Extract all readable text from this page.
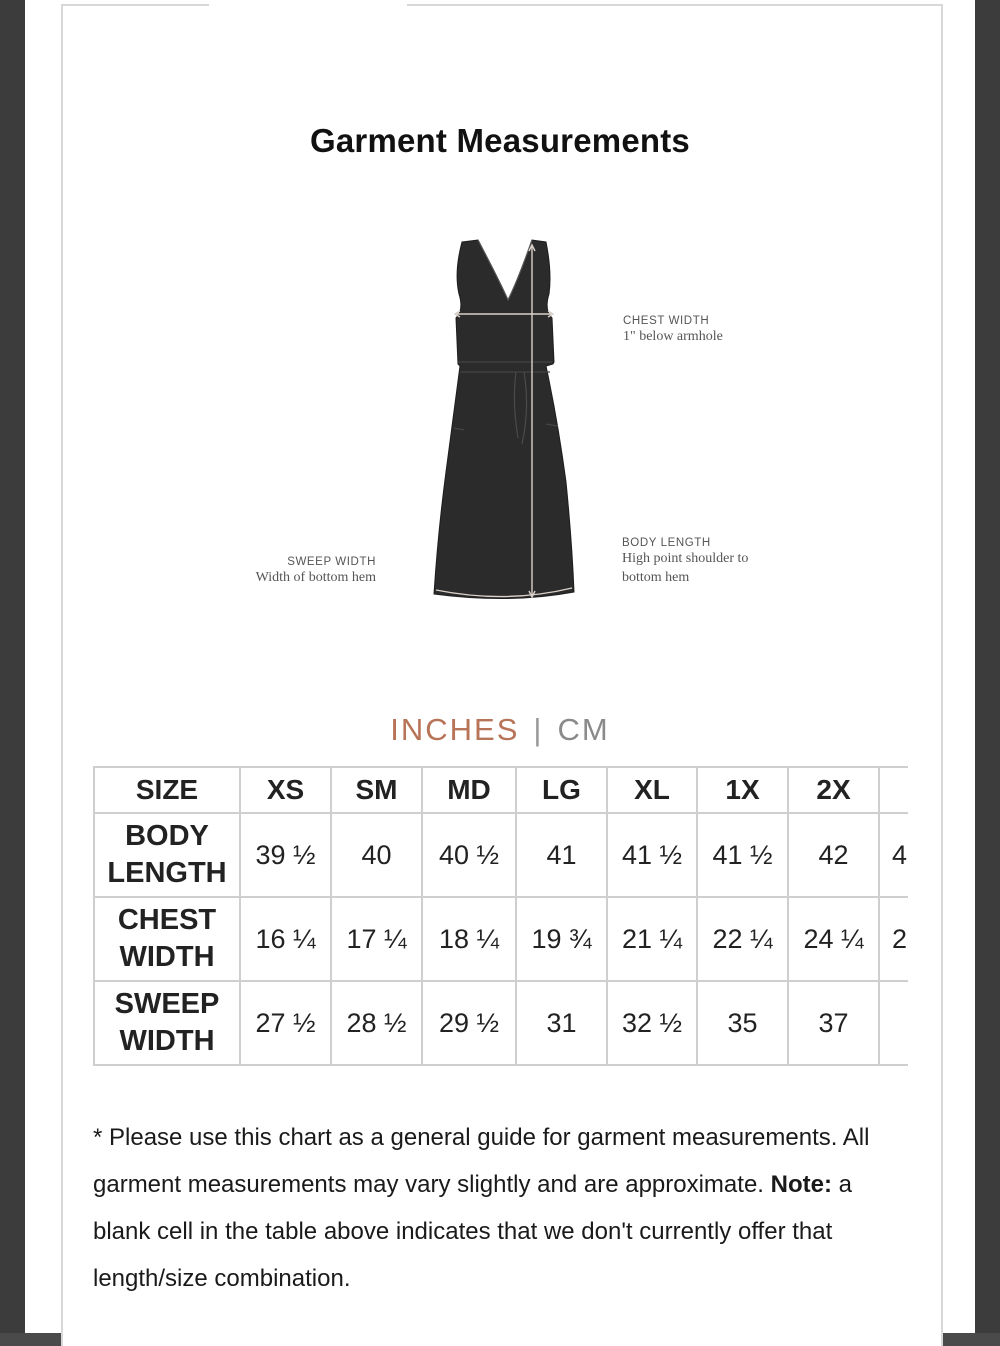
Garment Measurements
CHEST WIDTH
1" below armhole
BODY LENGTH
High point shoulder to
bottom hem
SWEEP WIDTH
Width of bottom hem
INCHES | CM
SIZE	XS	SM	MD	LG	XL	1X	2X	
BODY
LENGTH	39 ½	40	40 ½	41	41 ½	41 ½	42	4
CHEST
WIDTH	16 ¼	17 ¼	18 ¼	19 ¾	21 ¼	22 ¼	24 ¼	2
SWEEP
WIDTH	27 ½	28 ½	29 ½	31	32 ½	35	37	
* Please use this chart as a general guide for garment measurements. All garment measurements may vary slightly and are approximate. Note: a blank cell in the table above indicates that we don't currently offer that length/size combination.
